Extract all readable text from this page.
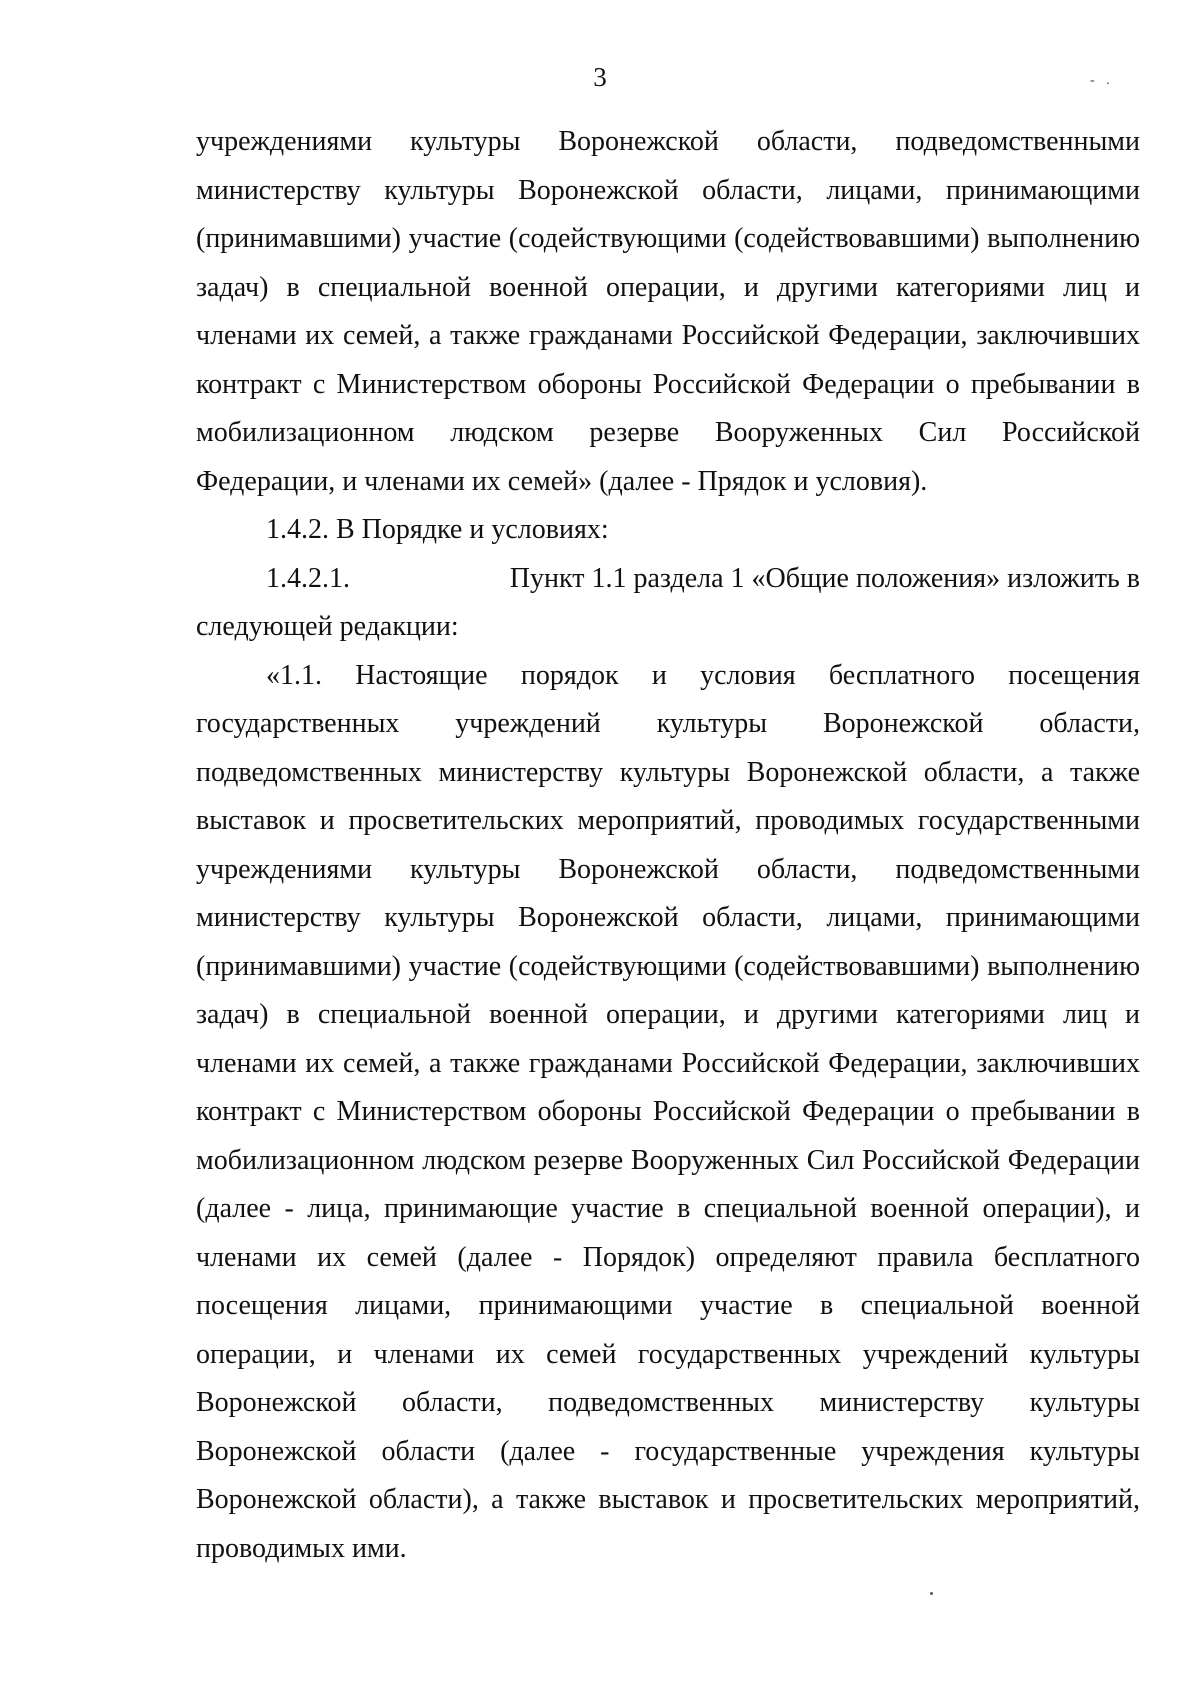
3	- .

учреждениями культуры Воронежской области, подведомственными министерству культуры Воронежской области, лицами, принимающими (принимавшими) участие (содействующими (содействовавшими) выполнению задач) в специальной военной операции, и другими категориями лиц и членами их семей, а также гражданами Российской Федерации, заключивших контракт с Министерством обороны Российской Федерации о пребывании в мобилизационном людском резерве Вооруженных Сил Российской Федерации, и членами их семей» (далее - Прядок и условия).

1.4.2. В Порядке и условиях:

1.4.2.1.	Пункт 1.1 раздела 1 «Общие положения» изложить в

следующей редакции:

«1.1. Настоящие порядок и условия бесплатного посещения государственных учреждений культуры Воронежской области, подведомственных министерству культуры Воронежской области, а также выставок и просветительских мероприятий, проводимых государственными учреждениями культуры Воронежской области, подведомственными министерству культуры Воронежской области, лицами, принимающими (принимавшими) участие (содействующими (содействовавшими) выполнению задач) в специальной военной операции, и другими категориями лиц и членами их семей, а также гражданами Российской Федерации, заключивших контракт с Министерством обороны Российской Федерации о пребывании в мобилизационном людском резерве Вооруженных Сил Российской Федерации (далее - лица, принимающие участие в специальной военной операции), и членами их семей (далее - Порядок) определяют правила бесплатного посещения лицами, принимающими участие в специальной военной операции, и членами их семей государственных учреждений культуры Воронежской области, подведомственных министерству культуры Воронежской области (далее - государственные учреждения культуры Воронежской области), а также выставок и просветительских мероприятий, проводимых ими.
